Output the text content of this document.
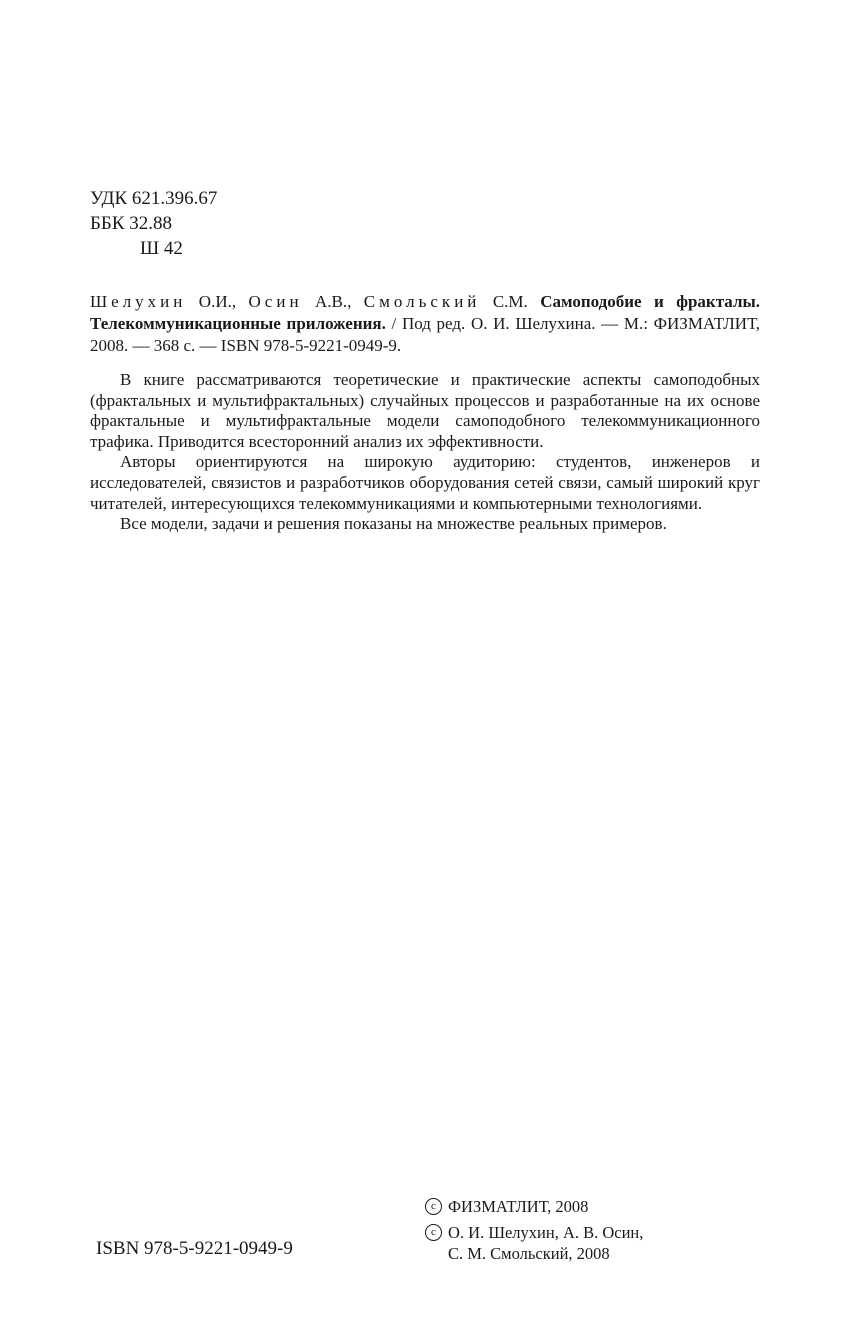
УДК 621.396.67
ББК 32.88
Ш 42

Шелухин О.И., Осин А.В., Смольский С.М. Самоподобие и фракталы. Телекоммуникационные приложения. / Под ред. О. И. Шелухина. — М.: ФИЗМАТЛИТ, 2008. — 368 с. — ISBN 978-5-9221-0949-9.

В книге рассматриваются теоретические и практические аспекты самоподобных (фрактальных и мультифрактальных) случайных процессов и разработанные на их основе фрактальные и мультифрактальные модели самоподобного телекоммуникационного трафика. Приводится всесторонний анализ их эффективности.

Авторы ориентируются на широкую аудиторию: студентов, инженеров и исследователей, связистов и разработчиков оборудования сетей связи, самый широкий круг читателей, интересующихся телекоммуникациями и компьютерными технологиями.

Все модели, задачи и решения показаны на множестве реальных примеров.

ISBN 978-5-9221-0949-9
c ФИЗМАТЛИТ, 2008
c О. И. Шелухин, А. В. Осин,
С. М. Смольский, 2008
